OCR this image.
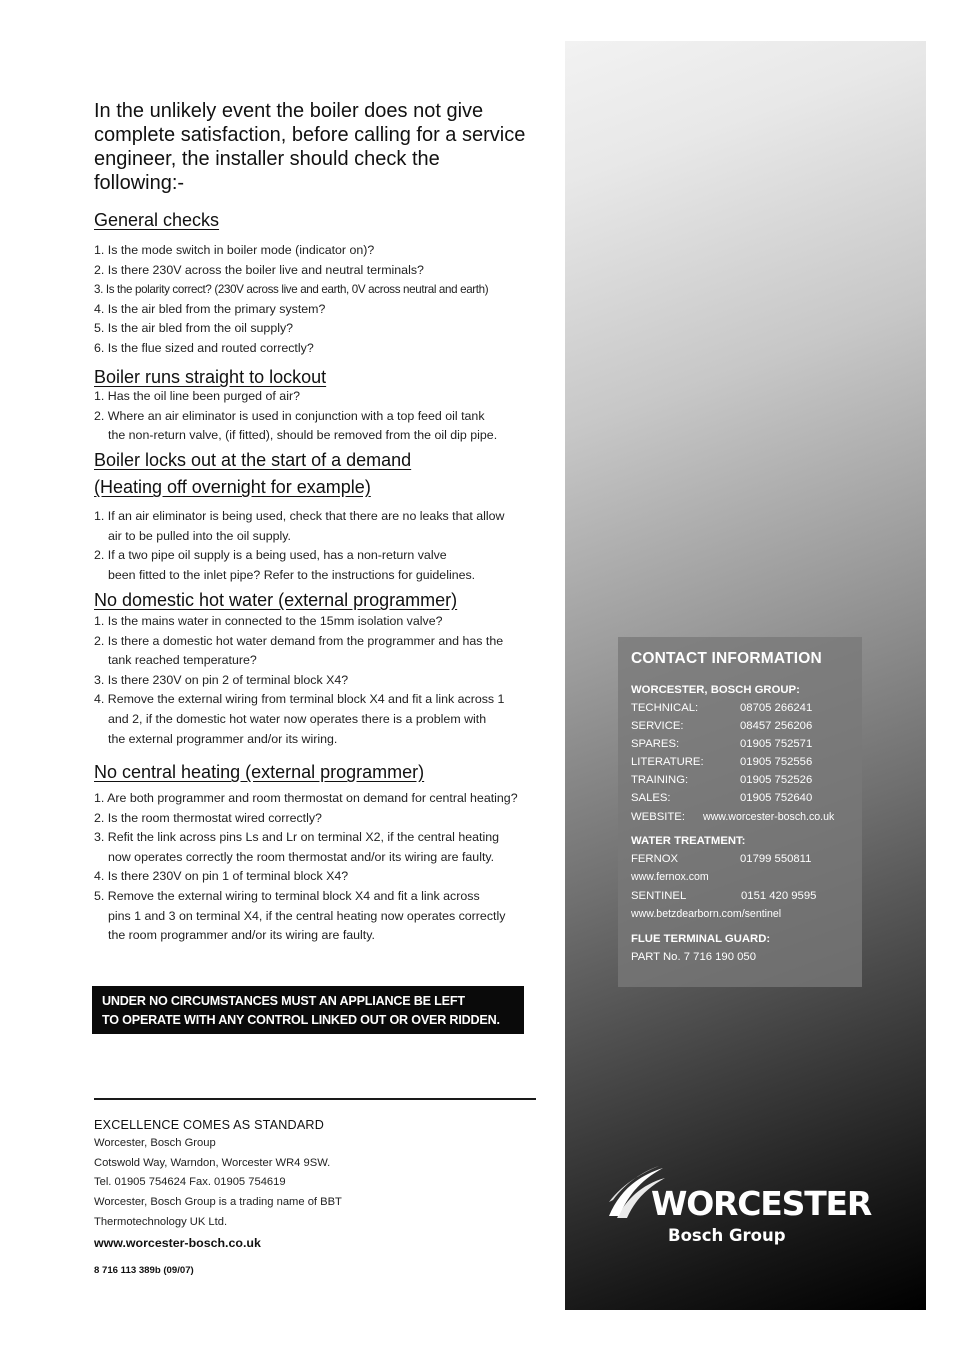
In the unlikely event the boiler does not give complete satisfaction, before calling for a service engineer, the installer should check the following:-
General checks
1. Is the mode switch in boiler mode (indicator on)?
2. Is there 230V across the boiler live and neutral terminals?
3. Is the polarity correct? (230V across live and earth, 0V across neutral and earth)
4. Is the air bled from the primary system?
5. Is the air bled from the oil supply?
6. Is the flue sized and routed correctly?
Boiler runs straight to lockout
1. Has the oil line been purged of air?
2. Where an air eliminator is used in conjunction with a top feed oil tank
the non-return valve, (if fitted), should be removed from the oil dip pipe.
Boiler locks out at the start of a demand
(Heating off overnight for example)
1. If an air eliminator is being used, check that there are no leaks that allow
air to be pulled into the oil supply.
2. If a two pipe oil supply is a being used, has a non-return valve
been fitted to the inlet pipe? Refer to the instructions for guidelines.
No domestic hot water (external programmer)
1. Is the mains water in connected to the 15mm isolation valve?
2. Is there a domestic hot water demand from the programmer and has the
tank reached temperature?
3. Is there 230V on pin 2 of terminal block X4?
4. Remove the external wiring from terminal block X4 and fit a link across 1
and 2, if the domestic hot water now operates there is a problem with
the external programmer and/or its wiring.
No central heating (external programmer)
1. Are both programmer and room thermostat on demand for central heating?
2. Is the room thermostat wired correctly?
3. Refit the link across pins Ls and Lr on terminal X2, if the central heating
now operates correctly the room thermostat and/or its wiring are faulty.
4. Is there 230V on pin 1 of terminal block X4?
5. Remove the external wiring to terminal block X4 and fit a link across
pins 1 and 3 on terminal X4, if the central heating now operates correctly
the room programmer and/or its wiring are faulty.
UNDER NO CIRCUMSTANCES MUST AN APPLIANCE BE LEFT
TO OPERATE WITH ANY CONTROL LINKED OUT OR OVER RIDDEN.
EXCELLENCE COMES AS STANDARD
Worcester, Bosch Group
Cotswold Way, Warndon, Worcester WR4 9SW.
Tel. 01905 754624 Fax. 01905 754619
Worcester, Bosch Group is a trading name of BBT
Thermotechnology UK Ltd.
www.worcester-bosch.co.uk
8 716 113 389b (09/07)
CONTACT INFORMATION
WORCESTER, BOSCH GROUP:
TECHNICAL:	08705 266241
SERVICE:	08457 256206
SPARES:	01905 752571
LITERATURE:	01905 752556
TRAINING:	01905 752526
SALES:	01905 752640
WEBSITE: www.worcester-bosch.co.uk
WATER TREATMENT:
FERNOX	01799 550811
www.fernox.com
SENTINEL	0151 420 9595
www.betzdearborn.com/sentinel
FLUE TERMINAL GUARD:
PART No. 7 716 190 050
WORCESTER
Bosch Group
